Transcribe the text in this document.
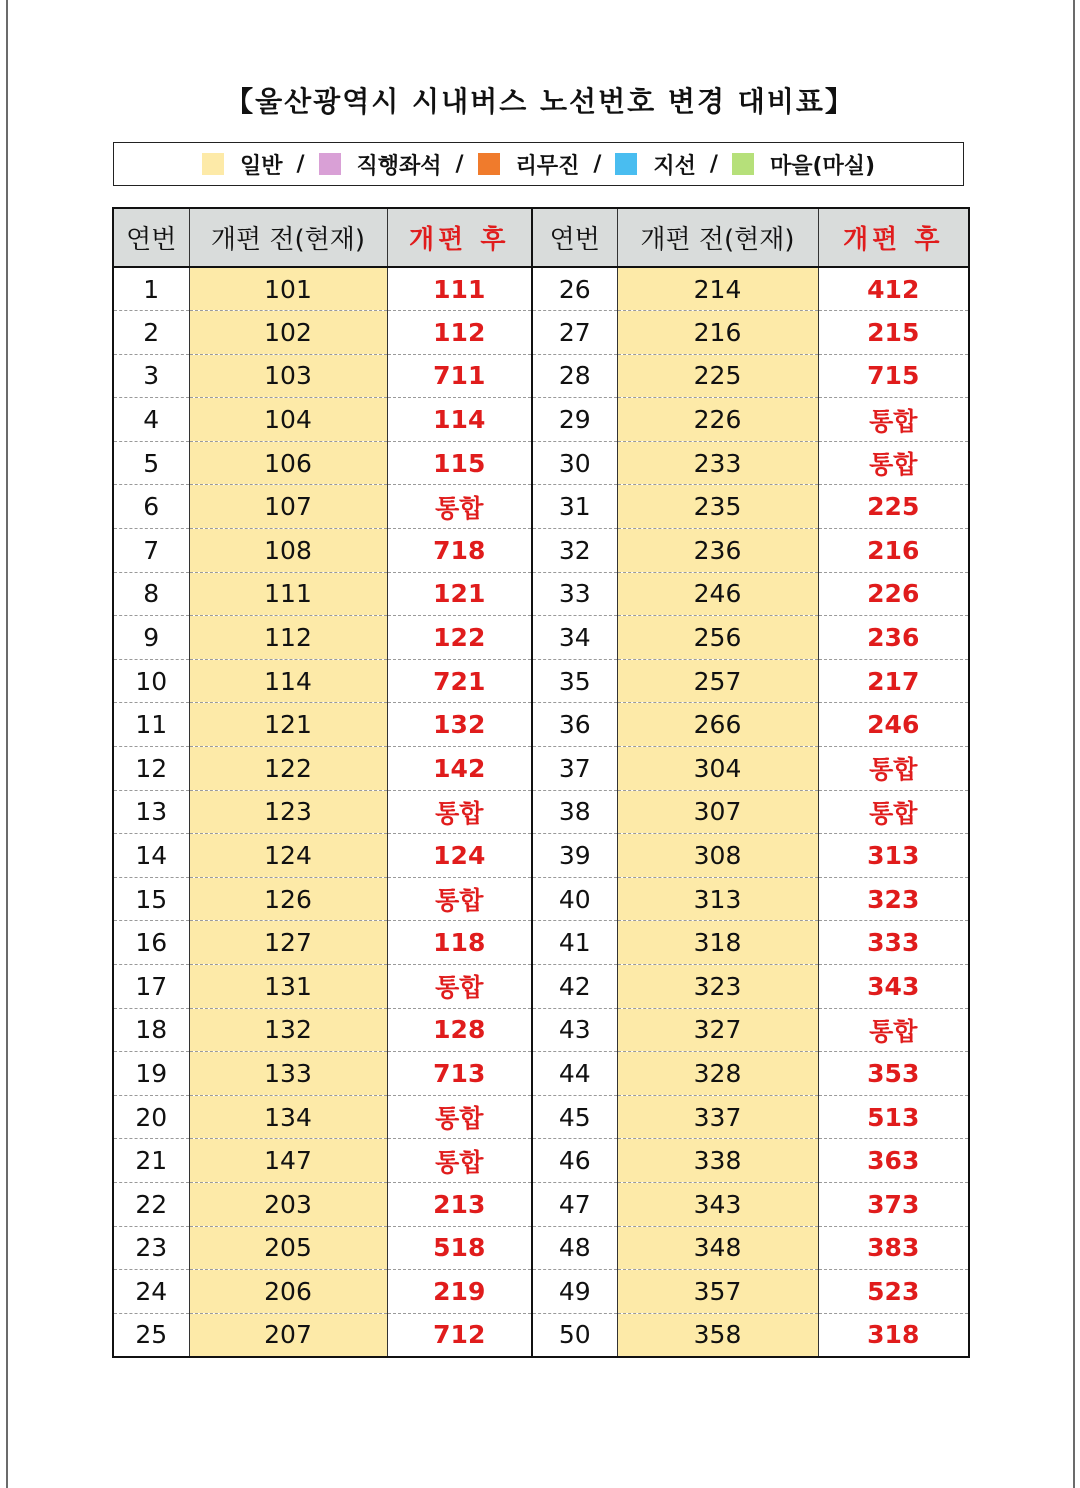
【울산광역시 시내버스 노선번호 변경 대비표】
일반 / 직행좌석 / 리무진 / 지선 / 마을(마실)
연번	개편 전(현재)	개편 후	연번	개편 전(현재)	개편 후
1	101	111	26	214	412
2	102	112	27	216	215
3	103	711	28	225	715
4	104	114	29	226	통합
5	106	115	30	233	통합
6	107	통합	31	235	225
7	108	718	32	236	216
8	111	121	33	246	226
9	112	122	34	256	236
10	114	721	35	257	217
11	121	132	36	266	246
12	122	142	37	304	통합
13	123	통합	38	307	통합
14	124	124	39	308	313
15	126	통합	40	313	323
16	127	118	41	318	333
17	131	통합	42	323	343
18	132	128	43	327	통합
19	133	713	44	328	353
20	134	통합	45	337	513
21	147	통합	46	338	363
22	203	213	47	343	373
23	205	518	48	348	383
24	206	219	49	357	523
25	207	712	50	358	318
